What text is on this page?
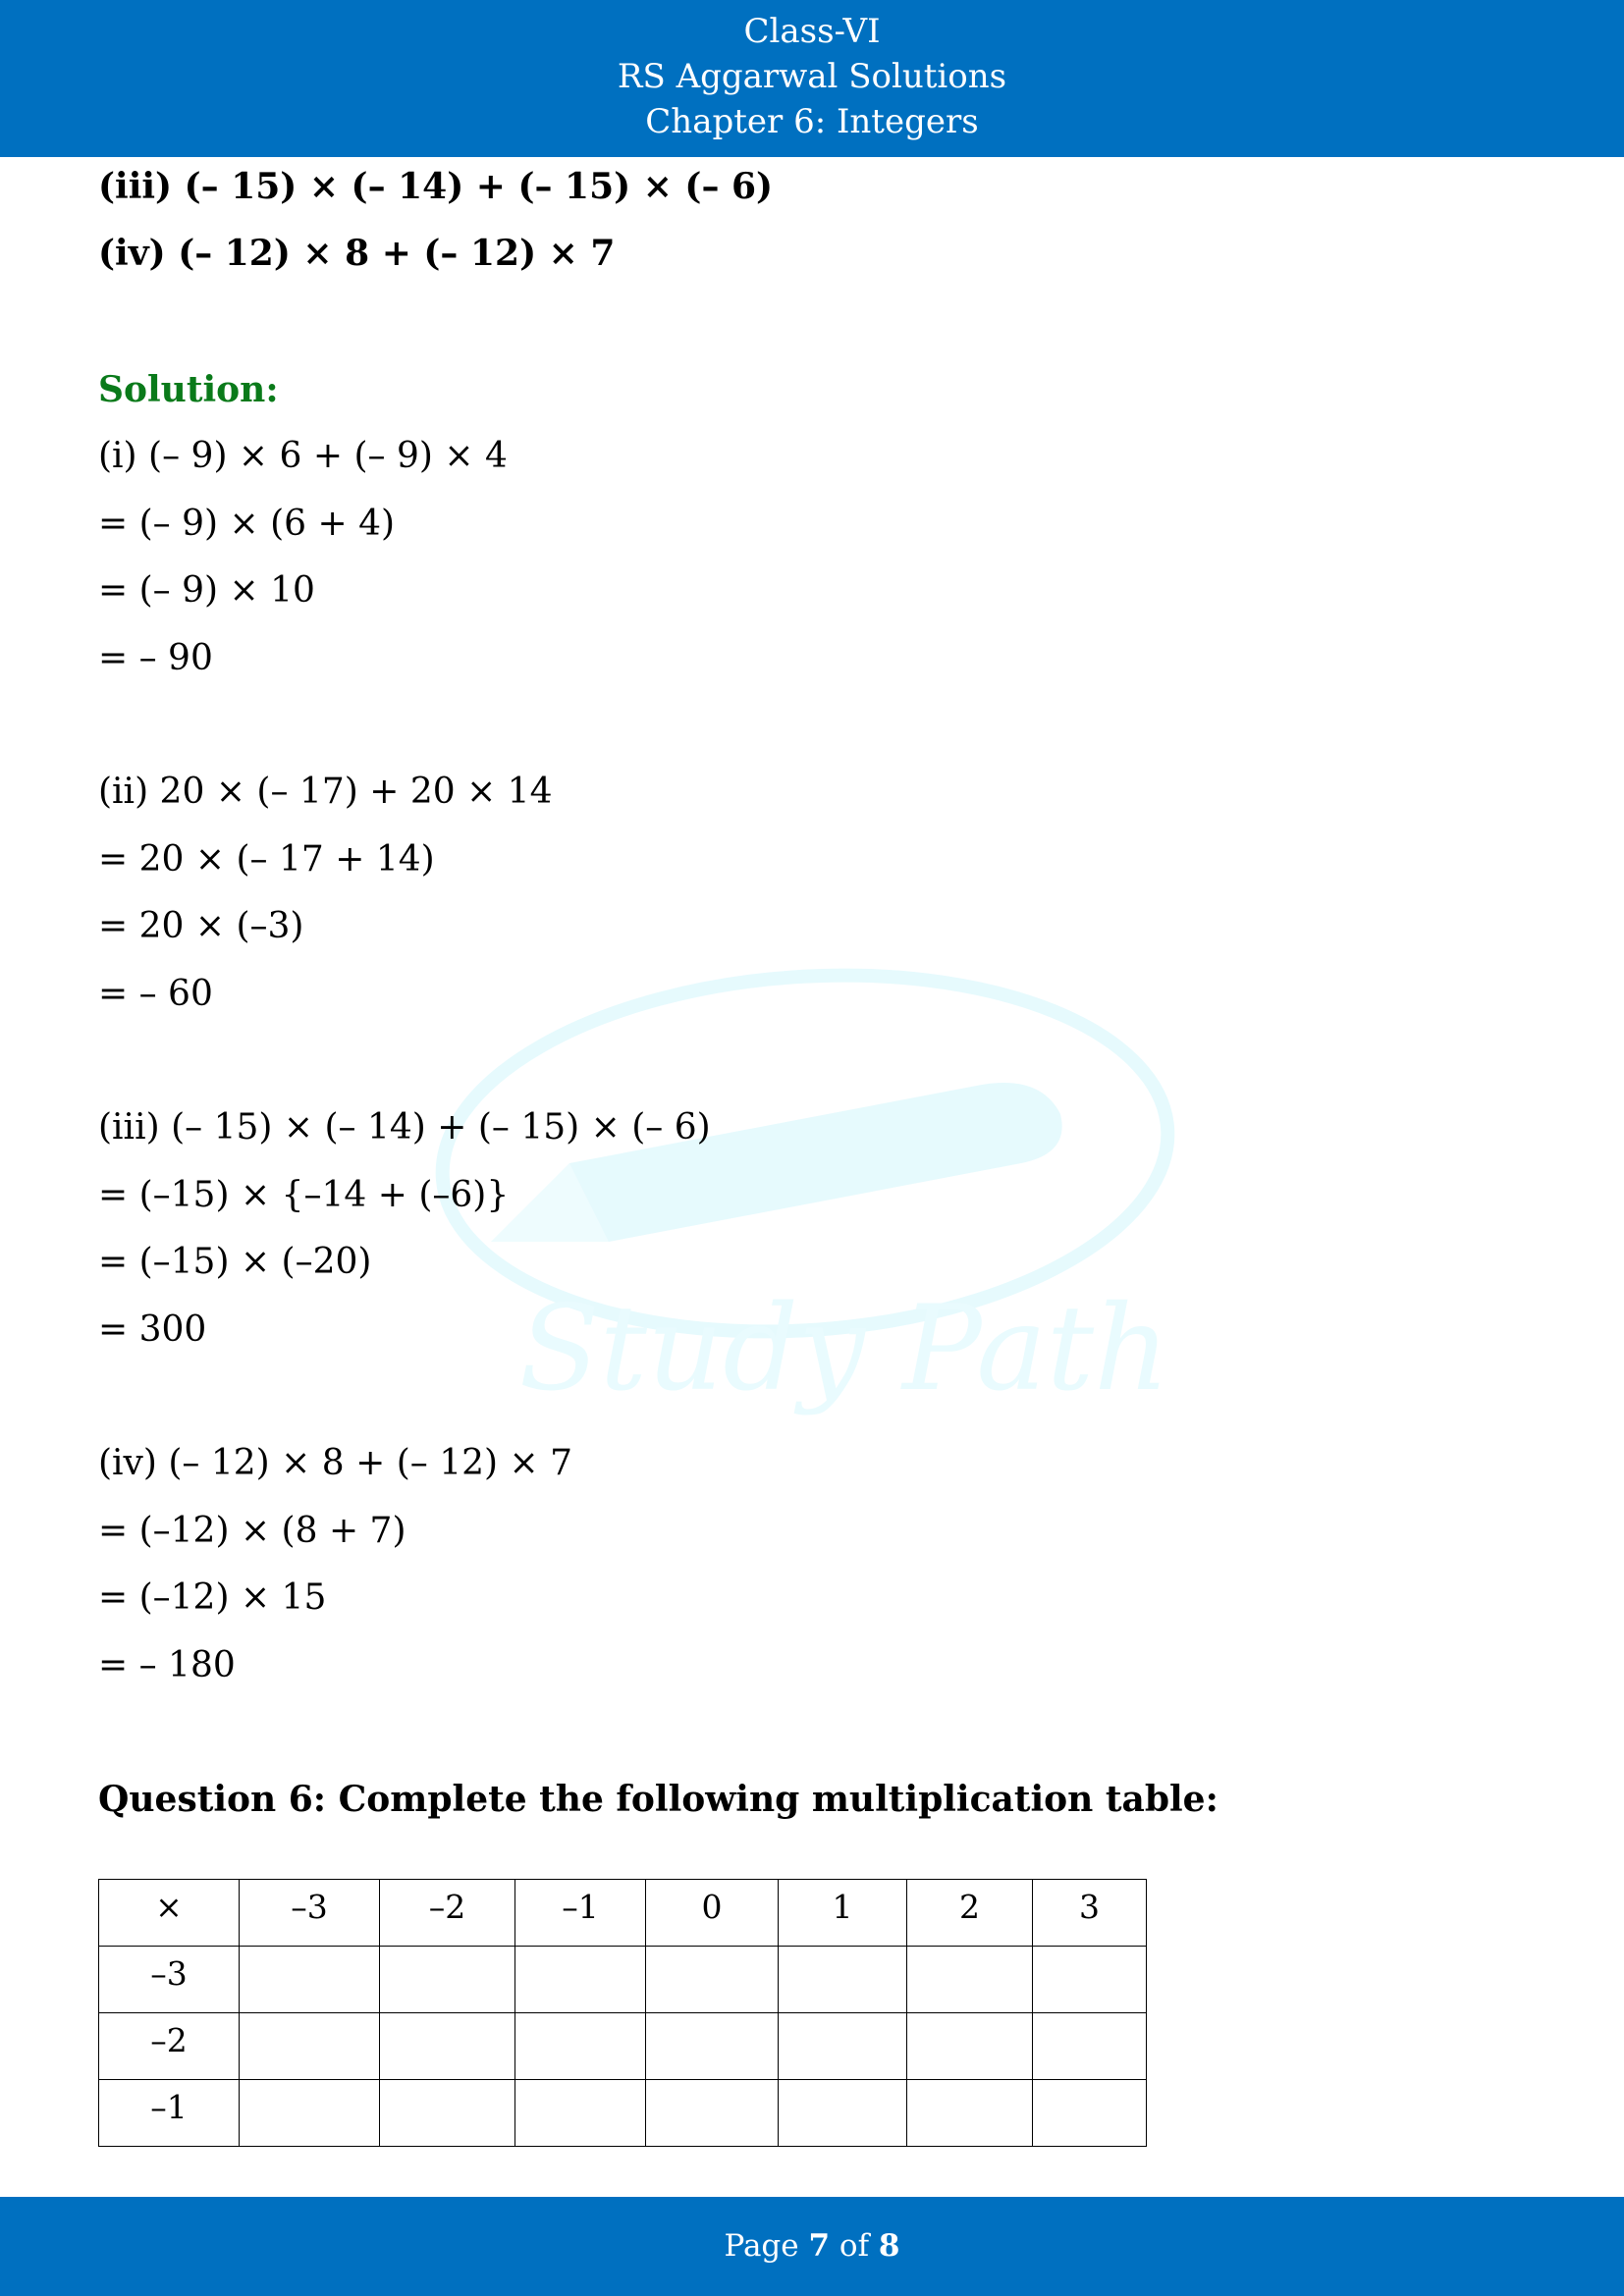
Class-VI
RS Aggarwal Solutions
Chapter 6: Integers
Study Path
(iii) (– 15) × (– 14) + (– 15) × (– 6)
(iv) (– 12) × 8 + (– 12) × 7
Solution:
(i) (– 9) × 6 + (– 9) × 4
= (– 9) × (6 + 4)
= (– 9) × 10
= – 90
(ii) 20 × (– 17) + 20 × 14
= 20 × (– 17 + 14)
= 20 × (–3)
= – 60
(iii) (– 15) × (– 14) + (– 15) × (– 6)
= (–15) × {–14 + (–6)}
= (–15) × (–20)
= 300
(iv) (– 12) × 8 + (– 12) × 7
= (–12) × (8 + 7)
= (–12) × 15
= – 180
Question 6: Complete the following multiplication table:
×	–3	–2	–1	0	1	2	3
–3							
–2							
–1							
Page 7 of 8
